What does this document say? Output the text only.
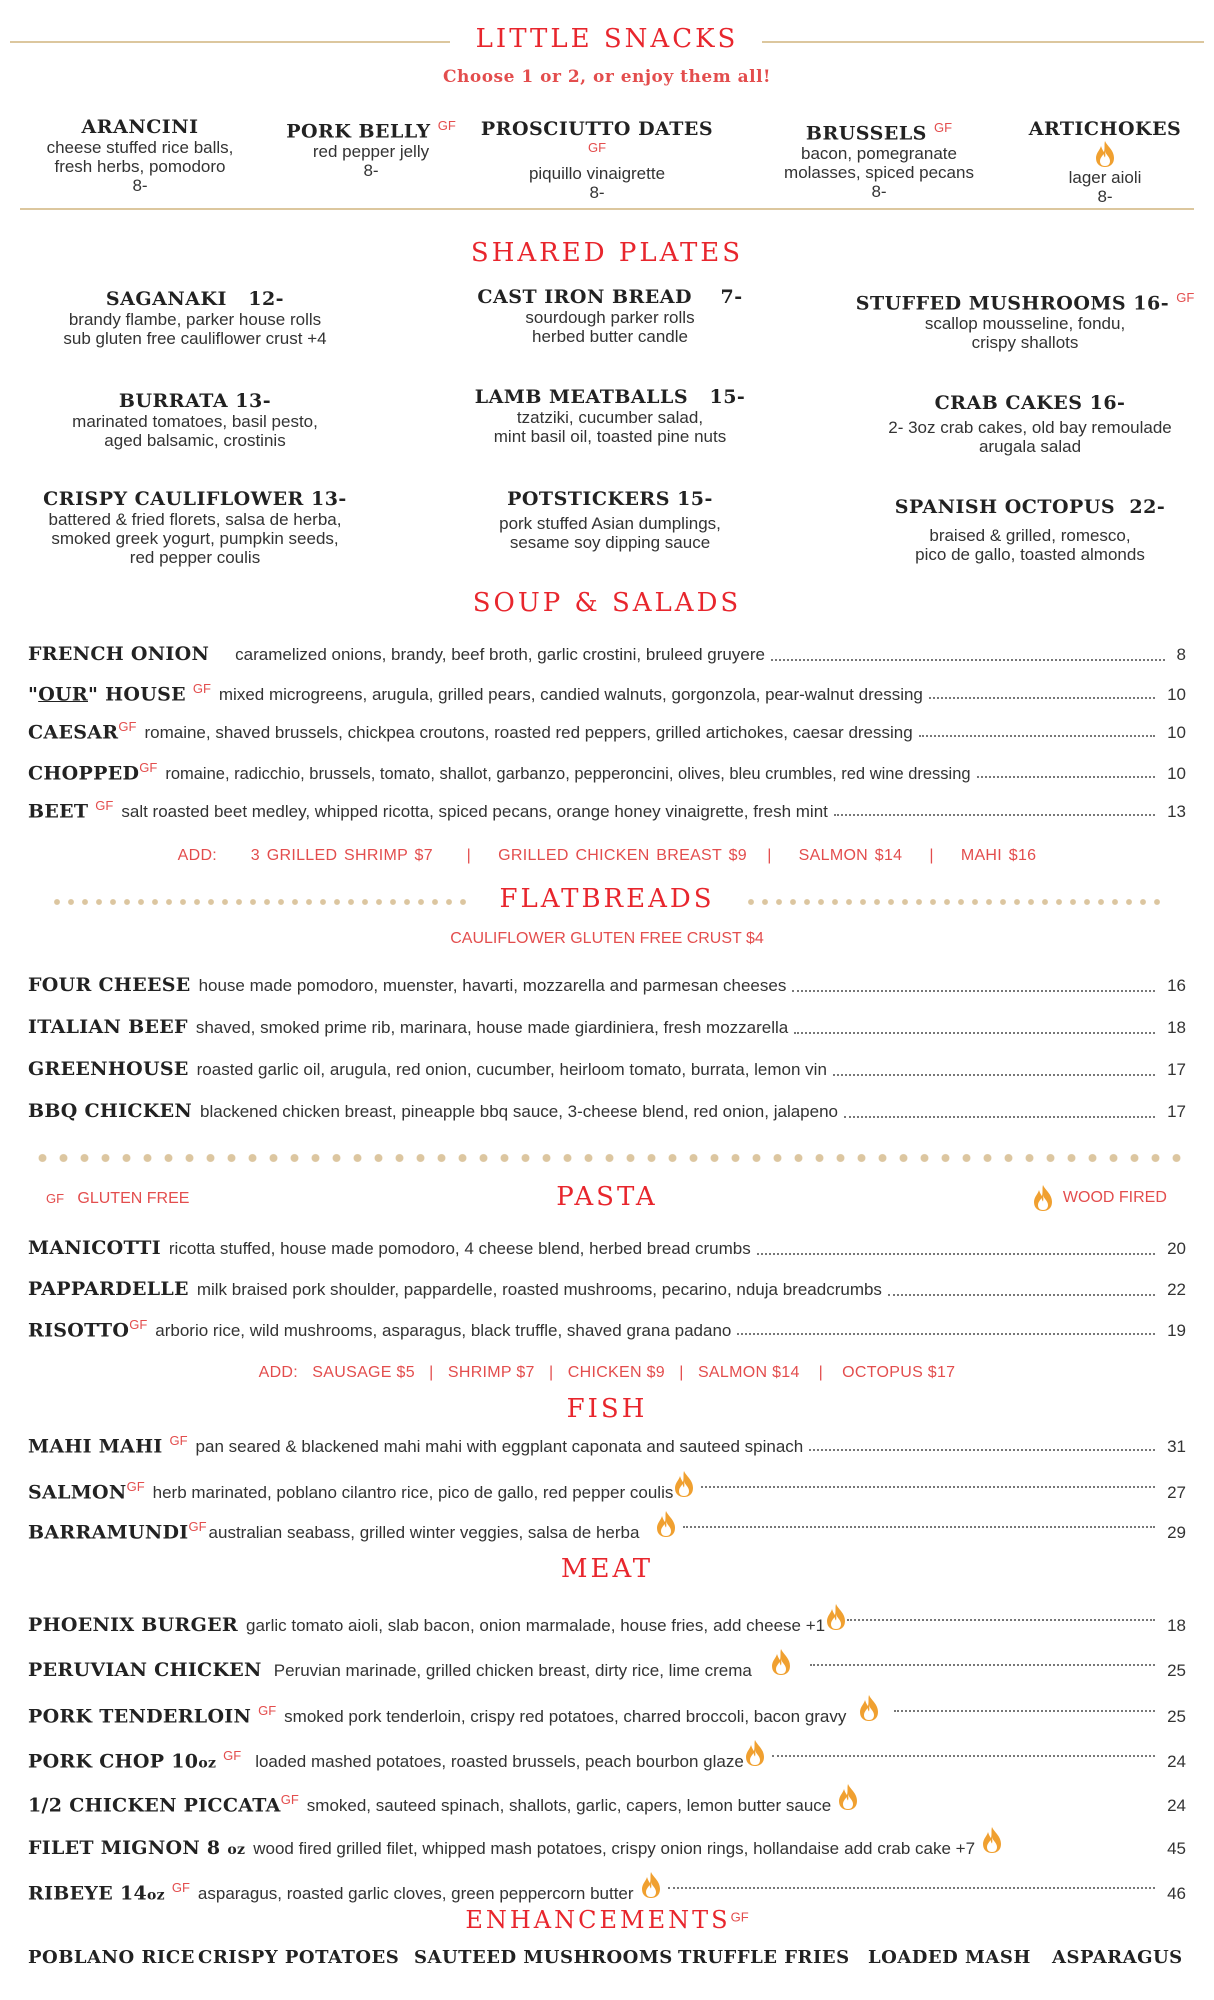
LITTLE SNACKS
Choose 1 or 2, or enjoy them all!
ARANCINI
cheese stuffed rice balls,
fresh herbs, pomodoro
8-
PORK BELLY $^{GF}$
red pepper jelly
8-
PROSCIUTTO DATES $^{GF}$
piquillo vinaigrette
8-
BRUSSELS $^{GF}$
bacon, pomegranate
molasses, spiced pecans
8-
ARTICHOKES
lager aioli
8-
SHARED PLATES
SAGANAKI 12-
brandy flambe, parker house rolls
sub gluten free cauliflower crust +4
CAST IRON BREAD 7-
sourdough parker rolls
herbed butter candle
STUFFED MUSHROOMS 16- $^{GF}$
scallop mousseline, fondu,
crispy shallots
BURRATA 13-
marinated tomatoes, basil pesto,
aged balsamic, crostinis
LAMB MEATBALLS 15-
tzatziki, cucumber salad,
mint basil oil, toasted pine nuts
CRAB CAKES 16-
2- 3oz crab cakes, old bay remoulade
arugala salad
CRISPY CAULIFLOWER 13-
battered & fried florets, salsa de herba,
smoked greek yogurt, pumpkin seeds,
red pepper coulis
POTSTICKERS 15-
pork stuffed Asian dumplings,
sesame soy dipping sauce
SPANISH OCTOPUS 22-
braised & grilled, romesco,
pico de gallo, toasted almonds
SOUP & SALADS
FRENCH ONION caramelized onions, brandy, beef broth, garlic crostini, bruleed gruyere	8
"OUR" HOUSE $^{GF}$ mixed microgreens, arugula, grilled pears, candied walnuts, gorgonzola, pear-walnut dressing	10
$CAESAR^{GF}$ romaine, shaved brussels, chickpea croutons, roasted red peppers, grilled artichokes, caesar dressing	10
$CHOPPED^{GF}$ romaine, radicchio, brussels, tomato, shallot, garbanzo, pepperoncini, olives, bleu crumbles, red wine dressing	10
BEET $^{GF}$ salt roasted beet medley, whipped ricotta, spiced pecans, orange honey vinaigrette, fresh mint	13
ADD: 3 GRILLED SHRIMP $7 | GRILLED CHICKEN BREAST $9 | SALMON $14 | MAHI $16
FLATBREADS
CAULIFLOWER GLUTEN FREE CRUST $4
FOUR CHEESE house made pomodoro, muenster, havarti, mozzarella and parmesan cheeses	16
ITALIAN BEEF shaved, smoked prime rib, marinara, house made giardiniera, fresh mozzarella	18
GREENHOUSE roasted garlic oil, arugula, red onion, cucumber, heirloom tomato, burrata, lemon vin	17
BBQ CHICKEN blackened chicken breast, pineapple bbq sauce, 3-cheese blend, red onion, jalapeno	17
GF GLUTEN FREE
	WOOD FIRED
PASTA
MANICOTTI ricotta stuffed, house made pomodoro, 4 cheese blend, herbed bread crumbs	20
PAPPARDELLE milk braised pork shoulder, pappardelle, roasted mushrooms, pecarino, nduja breadcrumbs	22
$RISOTTO^{GF}$ arborio rice, wild mushrooms, asparagus, black truffle, shaved grana padano	19
ADD: SAUSAGE $5 | SHRIMP $7 | CHICKEN $9 | SALMON $14 | OCTOPUS $17
FISH
MAHI MAHI $^{GF}$ pan seared & blackened mahi mahi with eggplant caponata and sauteed spinach	31
$SALMON^{GF}$ herb marinated, poblano cilantro rice, pico de gallo, red pepper coulis	27
$BARRAMUNDI^{GF}$ australian seabass, grilled winter veggies, salsa de herba	29
MEAT
PHOENIX BURGER garlic tomato aioli, slab bacon, onion marmalade, house fries, add cheese +1	18
PERUVIAN CHICKEN Peruvian marinade, grilled chicken breast, dirty rice, lime crema	25
PORK TENDERLOIN $^{GF}$ smoked pork tenderloin, crispy red potatoes, charred broccoli, bacon gravy	25
PORK CHOP 10oz $^{GF}$ loaded mashed potatoes, roasted brussels, peach bourbon glaze	24
1/2 CHICKEN $PICCATA^{GF}$ smoked, sauteed spinach, shallots, garlic, capers, lemon butter sauce	24
FILET MIGNON 8 oz wood fired grilled filet, whipped mash potatoes, crispy onion rings, hollandaise add crab cake +7	45
RIBEYE 14oz $^{GF}$ asparagus, roasted garlic cloves, green peppercorn butter	46
$ENHANCEMENTS^{GF}$
POBLANO RICE CRISPY POTATOES SAUTEED MUSHROOMS TRUFFLE FRIES LOADED MASH ASPARAGUS
